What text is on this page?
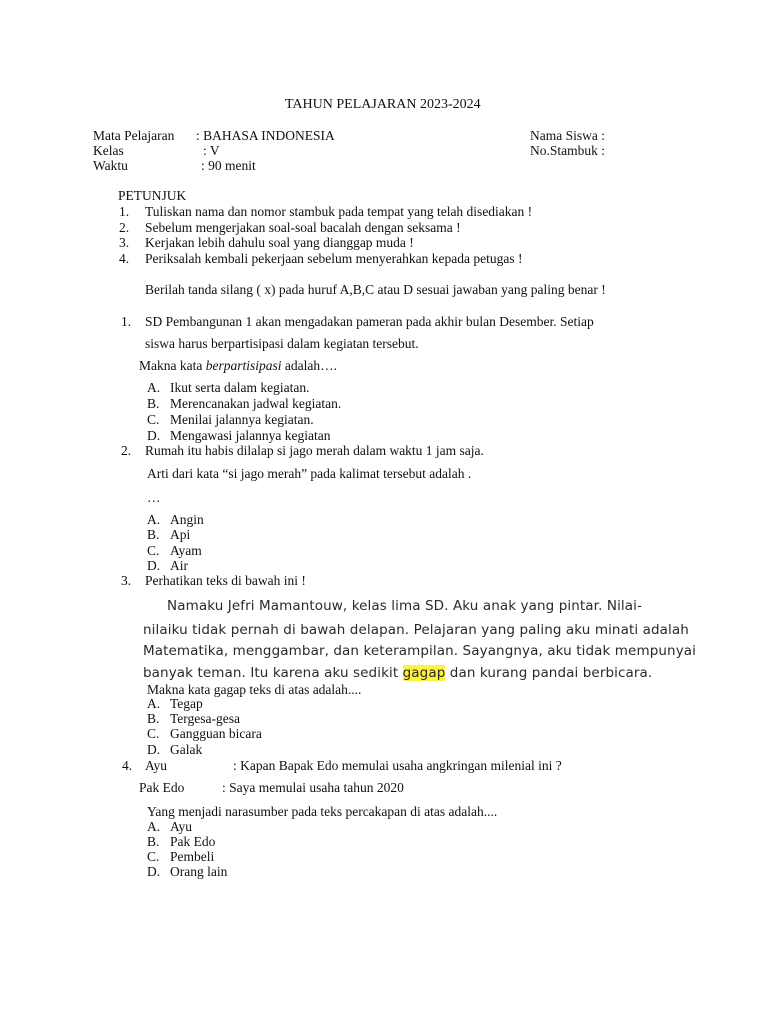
TAHUN PELAJARAN 2023-2024
Mata Pelajaran : BAHASA INDONESIA
Kelas	: V
Waktu	: 90 menit
Nama Siswa :
No.Stambuk :
PETUNJUK
1. Tuliskan nama dan nomor stambuk pada tempat yang telah disediakan !
2. Sebelum mengerjakan soal-soal bacalah dengan seksama !
3. Kerjakan lebih dahulu soal yang dianggap muda !
4. Periksalah kembali pekerjaan sebelum menyerahkan kepada petugas !
Berilah tanda silang ( x) pada huruf A,B,C atau D sesuai jawaban yang paling benar !
1. SD Pembangunan 1 akan mengadakan pameran pada akhir bulan Desember. Setiap
siswa harus berpartisipasi dalam kegiatan tersebut.
Makna kata berpartisipasi adalah….
A. Ikut serta dalam kegiatan.
B. Merencanakan jadwal kegiatan.
C. Menilai jalannya kegiatan.
D. Mengawasi jalannya kegiatan
2. Rumah itu habis dilalap si jago merah dalam waktu 1 jam saja.
Arti dari kata “si jago merah” pada kalimat tersebut adalah .
…
A. Angin
B. Api
C. Ayam
D. Air
3. Perhatikan teks di bawah ini !
Namaku Jefri Mamantouw, kelas lima SD. Aku anak yang pintar. Nilai-
nilaiku tidak pernah di bawah delapan. Pelajaran yang paling aku minati adalah
Matematika, menggambar, dan keterampilan. Sayangnya, aku tidak mempunyai
banyak teman. Itu karena aku sedikit gagap dan kurang pandai berbicara.
Makna kata gagap teks di atas adalah....
A. Tegap
B. Tergesa-gesa
C. Gangguan bicara
D. Galak
4. Ayu	: Kapan Bapak Edo memulai usaha angkringan milenial ini ?
Pak Edo	: Saya memulai usaha tahun 2020
Yang menjadi narasumber pada teks percakapan di atas adalah....
A. Ayu
B. Pak Edo
C. Pembeli
D. Orang lain
